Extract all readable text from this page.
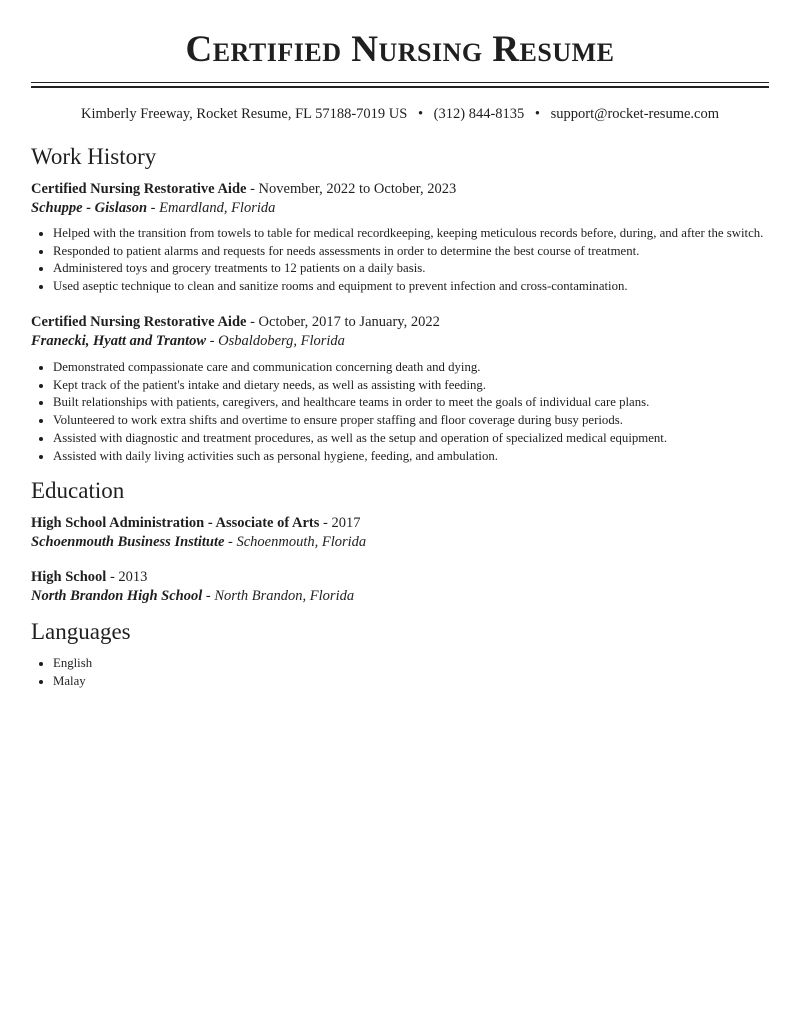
Certified Nursing Resume
Kimberly Freeway, Rocket Resume, FL 57188-7019 US • (312) 844-8135 • support@rocket-resume.com
Work History
Certified Nursing Restorative Aide - November, 2022 to October, 2023
Schuppe - Gislason - Emardland, Florida
• Helped with the transition from towels to table for medical recordkeeping, keeping meticulous records before, during, and after the switch.
• Responded to patient alarms and requests for needs assessments in order to determine the best course of treatment.
• Administered toys and grocery treatments to 12 patients on a daily basis.
• Used aseptic technique to clean and sanitize rooms and equipment to prevent infection and cross-contamination.
Certified Nursing Restorative Aide - October, 2017 to January, 2022
Franecki, Hyatt and Trantow - Osbaldoberg, Florida
• Demonstrated compassionate care and communication concerning death and dying.
• Kept track of the patient's intake and dietary needs, as well as assisting with feeding.
• Built relationships with patients, caregivers, and healthcare teams in order to meet the goals of individual care plans.
• Volunteered to work extra shifts and overtime to ensure proper staffing and floor coverage during busy periods.
• Assisted with diagnostic and treatment procedures, as well as the setup and operation of specialized medical equipment.
• Assisted with daily living activities such as personal hygiene, feeding, and ambulation.
Education
High School Administration - Associate of Arts - 2017
Schoenmouth Business Institute - Schoenmouth, Florida
High School - 2013
North Brandon High School - North Brandon, Florida
Languages
• English
• Malay
